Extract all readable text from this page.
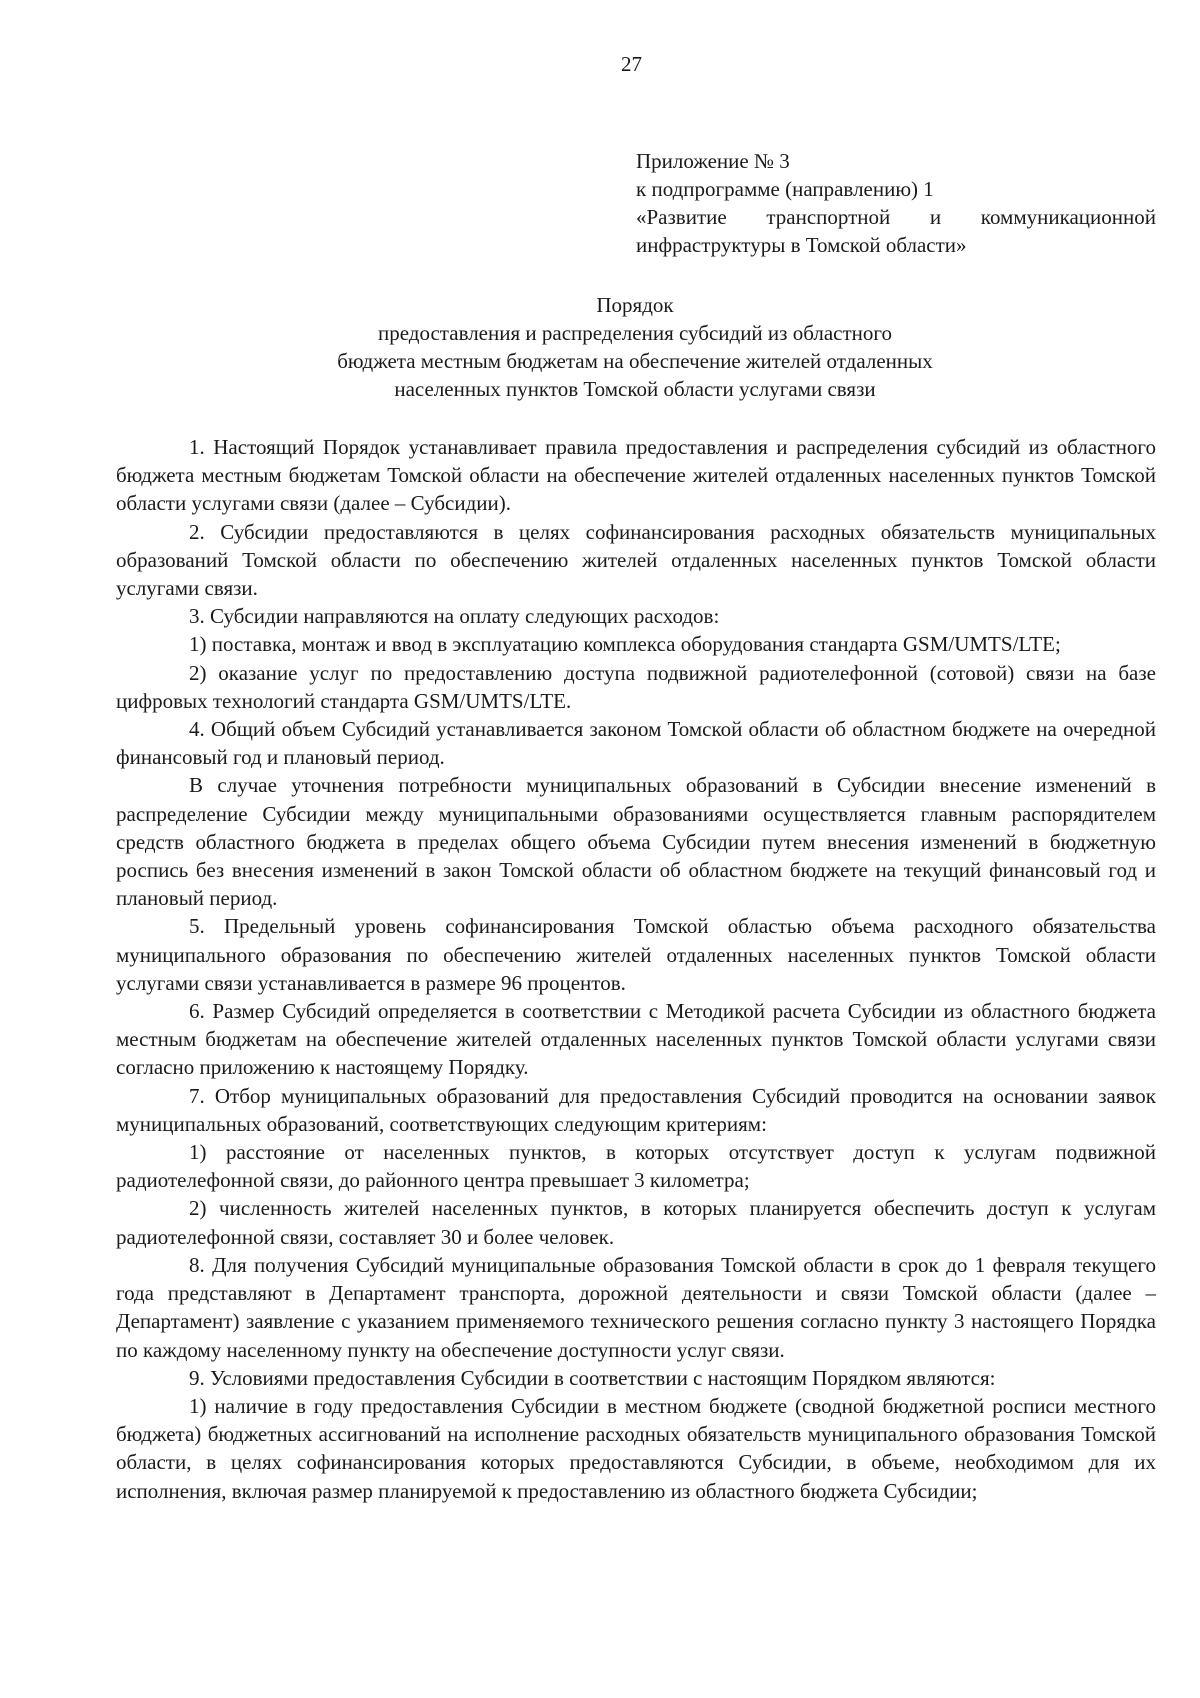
27
Приложение № 3
к подпрограмме (направлению) 1
«Развитие транспортной и коммуникационной
инфраструктуры в Томской области»
Порядок
предоставления и распределения субсидий из областного
бюджета местным бюджетам на обеспечение жителей отдаленных
населенных пунктов Томской области услугами связи

1. Настоящий Порядок устанавливает правила предоставления и распределения субсидий из областного бюджета местным бюджетам Томской области на обеспечение жителей отдаленных населенных пунктов Томской области услугами связи (далее – Субсидии).

2. Субсидии предоставляются в целях софинансирования расходных обязательств муниципальных образований Томской области по обеспечению жителей отдаленных населенных пунктов Томской области услугами связи.

3. Субсидии направляются на оплату следующих расходов:

1) поставка, монтаж и ввод в эксплуатацию комплекса оборудования стандарта GSM/UMTS/LTE;

2) оказание услуг по предоставлению доступа подвижной радиотелефонной (сотовой) связи на базе цифровых технологий стандарта GSM/UMTS/LTE.

4. Общий объем Субсидий устанавливается законом Томской области об областном бюджете на очередной финансовый год и плановый период.

В случае уточнения потребности муниципальных образований в Субсидии внесение изменений в распределение Субсидии между муниципальными образованиями осуществляется главным распорядителем средств областного бюджета в пределах общего объема Субсидии путем внесения изменений в бюджетную роспись без внесения изменений в закон Томской области об областном бюджете на текущий финансовый год и плановый период.

5. Предельный уровень софинансирования Томской областью объема расходного обязательства муниципального образования по обеспечению жителей отдаленных населенных пунктов Томской области услугами связи устанавливается в размере 96 процентов.

6. Размер Субсидий определяется в соответствии с Методикой расчета Субсидии из областного бюджета местным бюджетам на обеспечение жителей отдаленных населенных пунктов Томской области услугами связи согласно приложению к настоящему Порядку.

7. Отбор муниципальных образований для предоставления Субсидий проводится на основании заявок муниципальных образований, соответствующих следующим критериям:

1) расстояние от населенных пунктов, в которых отсутствует доступ к услугам подвижной радиотелефонной связи, до районного центра превышает 3 километра;

2) численность жителей населенных пунктов, в которых планируется обеспечить доступ к услугам радиотелефонной связи, составляет 30 и более человек.

8. Для получения Субсидий муниципальные образования Томской области в срок до 1 февраля текущего года представляют в Департамент транспорта, дорожной деятельности и связи Томской области (далее – Департамент) заявление с указанием применяемого технического решения согласно пункту 3 настоящего Порядка по каждому населенному пункту на обеспечение доступности услуг связи.

9. Условиями предоставления Субсидии в соответствии с настоящим Порядком являются:

1) наличие в году предоставления Субсидии в местном бюджете (сводной бюджетной росписи местного бюджета) бюджетных ассигнований на исполнение расходных обязательств муниципального образования Томской области, в целях софинансирования которых предоставляются Субсидии, в объеме, необходимом для их исполнения, включая размер планируемой к предоставлению из областного бюджета Субсидии;
